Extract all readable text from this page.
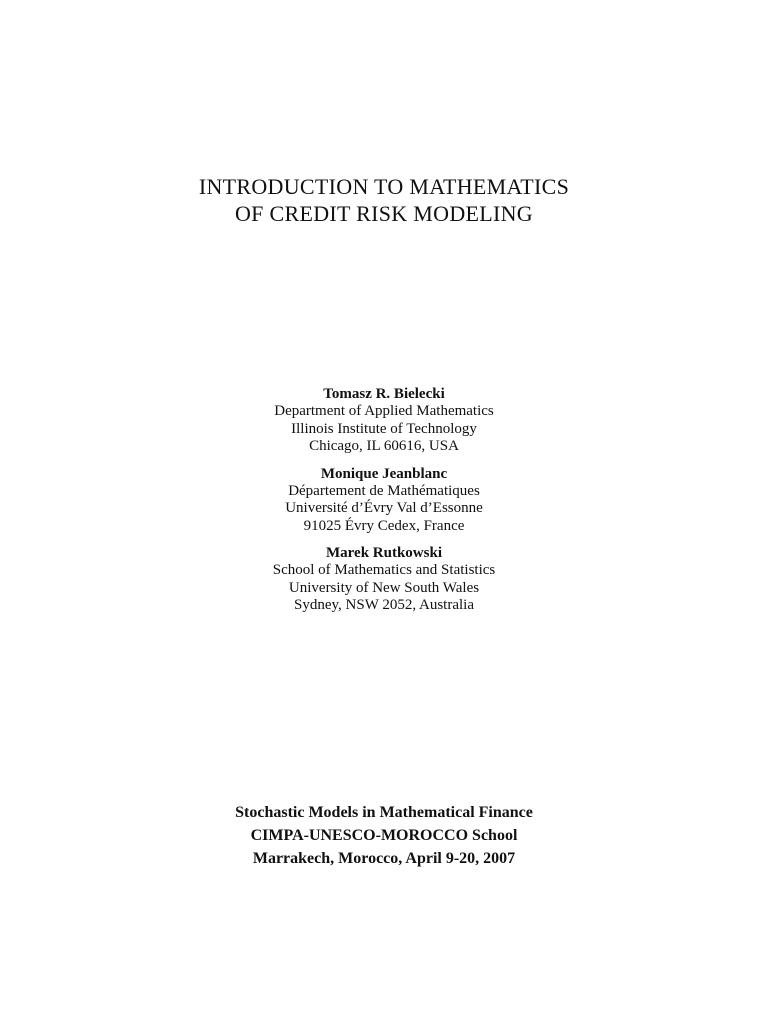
INTRODUCTION TO MATHEMATICS
OF CREDIT RISK MODELING
Tomasz R. Bielecki
Department of Applied Mathematics
Illinois Institute of Technology
Chicago, IL 60616, USA
Monique Jeanblanc
Département de Mathématiques
Université d’Évry Val d’Essonne
91025 Évry Cedex, France
Marek Rutkowski
School of Mathematics and Statistics
University of New South Wales
Sydney, NSW 2052, Australia
Stochastic Models in Mathematical Finance
CIMPA-UNESCO-MOROCCO School
Marrakech, Morocco, April 9-20, 2007
